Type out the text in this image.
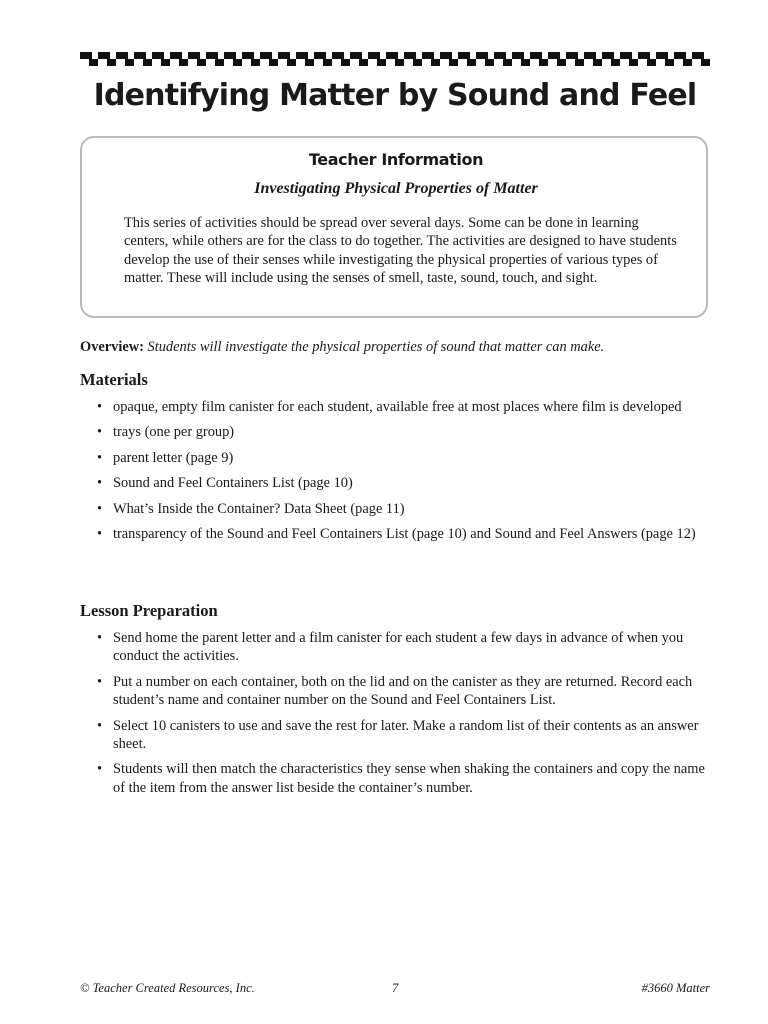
Identifying Matter by Sound and Feel
Teacher Information
Investigating Physical Properties of Matter

This series of activities should be spread over several days. Some can be done in learning centers, while others are for the class to do together. The activities are designed to have students develop the use of their senses while investigating the physical properties of various types of matter. These will include using the senses of smell, taste, sound, touch, and sight.

Overview: Students will investigate the physical properties of sound that matter can make.

Materials
• opaque, empty film canister for each student, available free at most places where film is developed
• trays (one per group)
• parent letter (page 9)
• Sound and Feel Containers List (page 10)
• What’s Inside the Container? Data Sheet (page 11)
• transparency of the Sound and Feel Containers List (page 10) and Sound and Feel Answers (page 12)
Lesson Preparation
• Send home the parent letter and a film canister for each student a few days in advance of when you conduct the activities.
• Put a number on each container, both on the lid and on the canister as they are returned. Record each student’s name and container number on the Sound and Feel Containers List.
• Select 10 canisters to use and save the rest for later. Make a random list of their contents as an answer sheet.
• Students will then match the characteristics they sense when shaking the containers and copy the name of the item from the answer list beside the container’s number.

© Teacher Created Resources, Inc.	7	#3660 Matter
